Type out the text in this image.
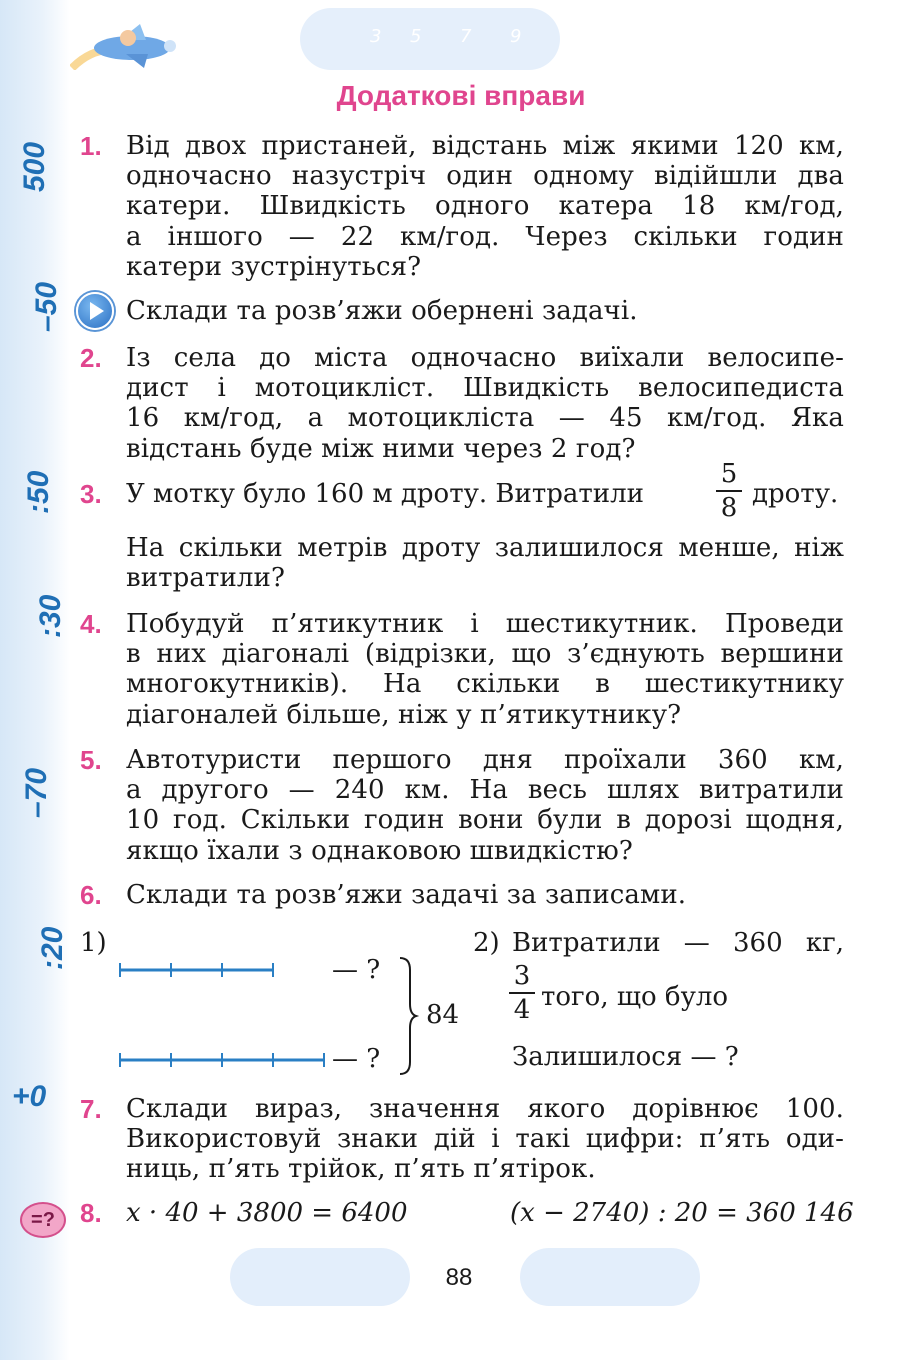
3 5 7 9
500
–50
:50
:30
–70
:20
+0
Додаткові вправи
1. Від двох пристаней, відстань між якими 120 км,
одночасно назустріч один одному відійшли два
катери. Швидкість одного катера 18 км/год,
а іншого — 22 км/год. Через скільки годин
катери зустрінуться?
Склади та розв’яжи обернені задачі.
2. Із села до міста одночасно виїхали велосипе-
дист і мотоцикліст. Швидкість велосипедиста
16 км/год, а мотоцикліста — 45 км/год. Яка
відстань буде між ними через 2 год?
3. У мотку було 160 м дроту. Витратили
5
8 дроту.
На скільки метрів дроту залишилося менше, ніж
витратили?
4. Побудуй п’ятикутник і шестикутник. Проведи
в них діагоналі (відрізки, що з’єднують вершини
многокутників). На скільки в шестикутнику
діагоналей більше, ніж у п’ятикутнику?
5. Автотуристи першого дня проїхали 360 км,
а другого — 240 км. На весь шлях витратили
10 год. Скільки годин вони були в дорозі щодня,
якщо їхали з однаковою швидкістю?
6. Склади та розв’яжи задачі за записами.
1)
— ?
— ?
84
2) Витратили — 360 кг,
3
4 того, що було
Залишилося — ?
7. Склади вираз, значення якого дорівнює 100.
Використовуй знаки дій і такі цифри: п’ять оди-
ниць, п’ять трійок, п’ять п’ятірок.
=? 8. x · 40 + 3800 = 6400	(x − 2740) : 20 = 360 146
88
